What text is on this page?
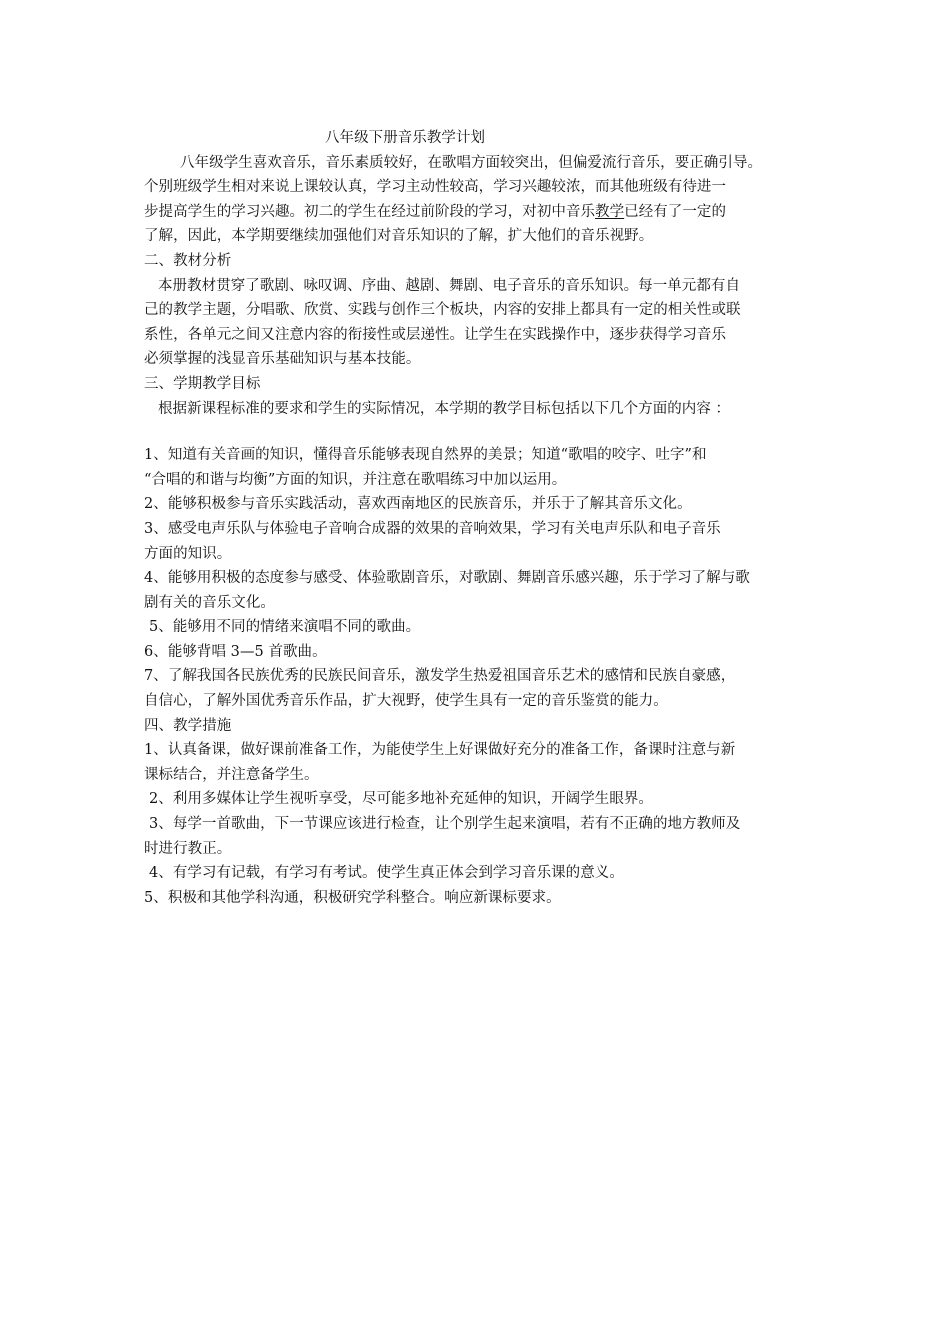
八年级下册音乐教学计划
八年级学生喜欢音乐，音乐素质较好，在歌唱方面较突出，但偏爱流行音乐，要正确引导。
个别班级学生相对来说上课较认真，学习主动性较高，学习兴趣较浓，而其他班级有待进一
步提高学生的学习兴趣。初二的学生在经过前阶段的学习，对初中音乐教学已经有了一定的
了解，因此，本学期要继续加强他们对音乐知识的了解，扩大他们的音乐视野。
二、教材分析
本册教材贯穿了歌剧、咏叹调、序曲、越剧、舞剧、电子音乐的音乐知识。每一单元都有自
己的教学主题，分唱歌、欣赏、实践与创作三个板块，内容的安排上都具有一定的相关性或联
系性，各单元之间又注意内容的衔接性或层递性。让学生在实践操作中，逐步获得学习音乐
必须掌握的浅显音乐基础知识与基本技能。
三、学期教学目标
根据新课程标准的要求和学生的实际情况，本学期的教学目标包括以下几个方面的内容 ：
1、知道有关音画的知识，懂得音乐能够表现自然界的美景；知道“歌唱的咬字、吐字”和
“合唱的和谐与均衡”方面的知识，并注意在歌唱练习中加以运用。
2、能够积极参与音乐实践活动，喜欢西南地区的民族音乐，并乐于了解其音乐文化。
3、感受电声乐队与体验电子音响合成器的效果的音响效果，学习有关电声乐队和电子音乐
方面的知识。
4、能够用积极的态度参与感受、体验歌剧音乐，对歌剧、舞剧音乐感兴趣，乐于学习了解与歌
剧有关的音乐文化。
5、能够用不同的情绪来演唱不同的歌曲。
6、能够背唱 3—5 首歌曲。
7、了解我国各民族优秀的民族民间音乐，激发学生热爱祖国音乐艺术的感情和民族自豪感，
自信心，了解外国优秀音乐作品，扩大视野，使学生具有一定的音乐鉴赏的能力。
四、教学措施
1、认真备课，做好课前准备工作，为能使学生上好课做好充分的准备工作，备课时注意与新
课标结合，并注意备学生。
2、利用多媒体让学生视听享受，尽可能多地补充延伸的知识，开阔学生眼界。
3、每学一首歌曲，下一节课应该进行检查，让个别学生起来演唱，若有不正确的地方教师及
时进行教正。
4、有学习有记载，有学习有考试。使学生真正体会到学习音乐课的意义。
5、积极和其他学科沟通，积极研究学科整合。响应新课标要求。
